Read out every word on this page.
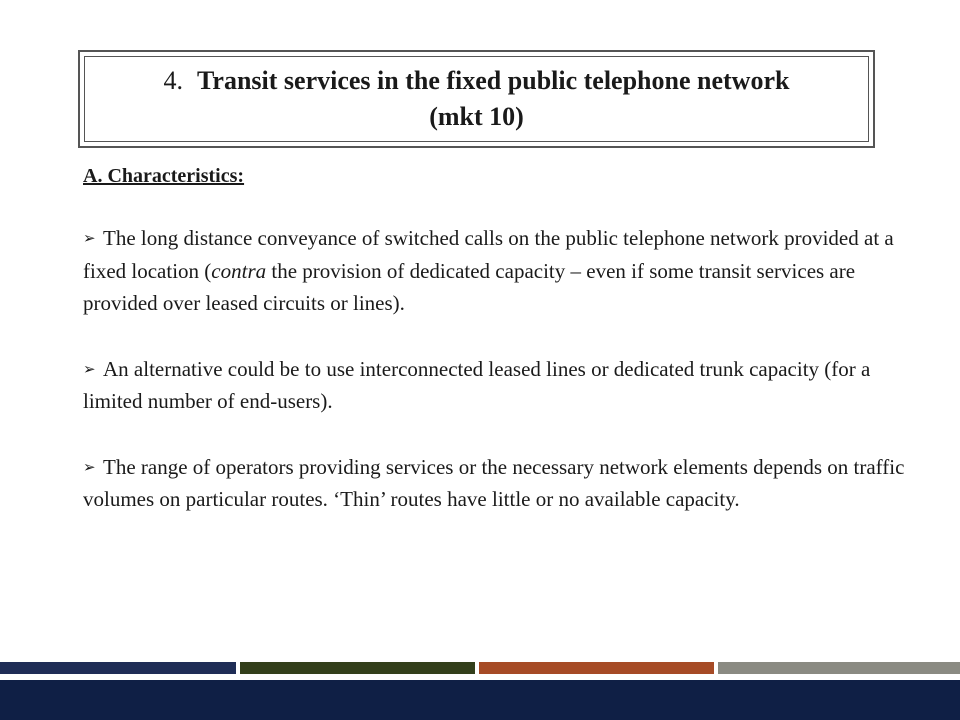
4. Transit services in the fixed public telephone network
(mkt 10)
A. Characteristics:

➢ The long distance conveyance of switched calls on the public telephone network provided at a fixed location (contra the provision of dedicated capacity – even if some transit services are provided over leased circuits or lines).

➢ An alternative could be to use interconnected leased lines or dedicated trunk capacity (for a limited number of end-users).

➢ The range of operators providing services or the necessary network elements depends on traffic volumes on particular routes. ‘Thin’ routes have little or no available capacity.
